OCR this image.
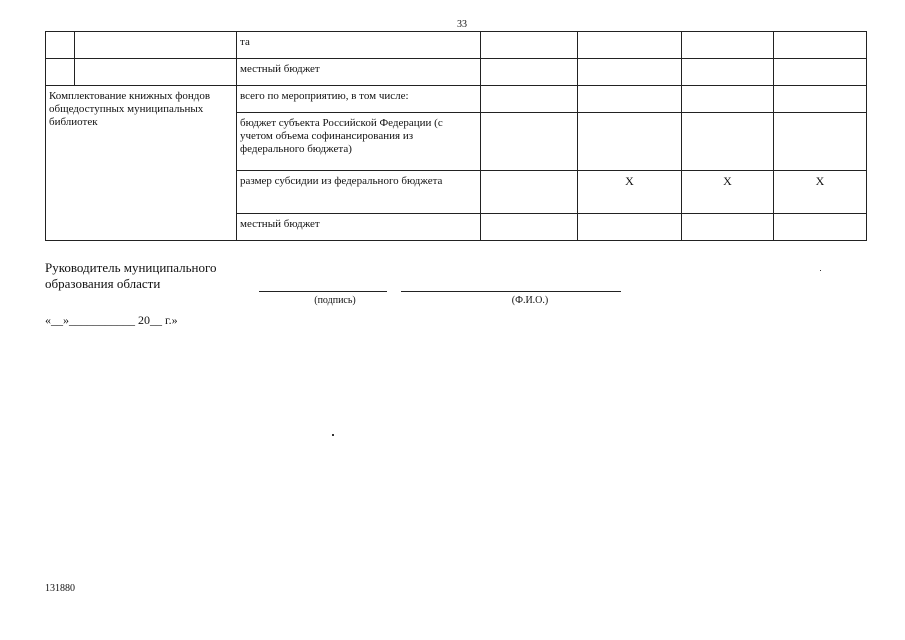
33
		та				
		местный бюджет				
Комплектование книжных фондов общедоступных муниципальных библиотек		всего по мероприятию, в том числе:				
		бюджет субъекта Российской Федерации (с учетом объема софинансирования из федерального бюджета)				
		размер субсидии из федерального бюджета		X	X	X
		местный бюджет				
Руководитель муниципального
образования области
(подпись)	(Ф.И.О.)
«__»___________ 20__ г.»
131880
